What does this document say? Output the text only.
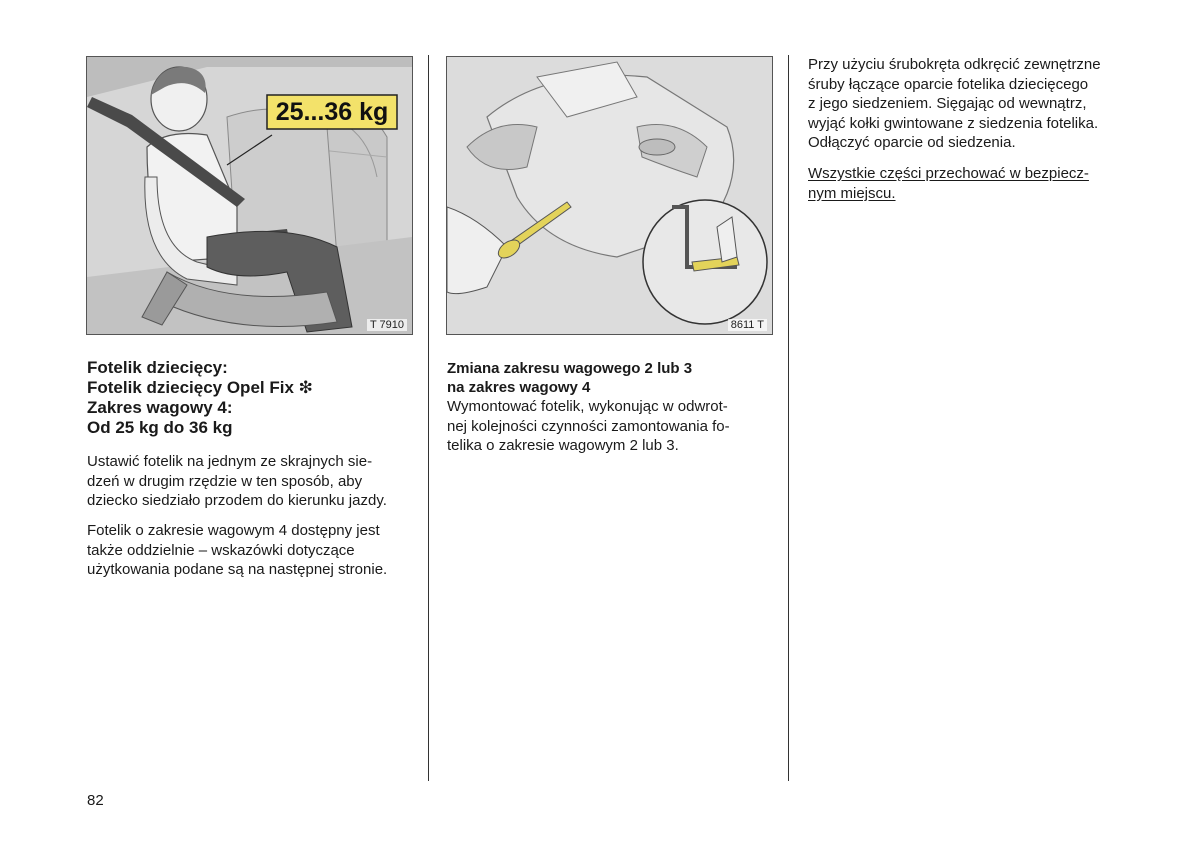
25...36 kg
T 7910	8611 T
Fotelik dziecięcy:
Fotelik dziecięcy Opel Fix ❇
Zakres wagowy 4:
Od 25 kg do 36 kg
Ustawić fotelik na jednym ze skrajnych sie-
dzeń w drugim rzędzie w ten sposób, aby
dziecko siedziało przodem do kierunku jazdy.
Fotelik o zakresie wagowym 4 dostępny jest
także oddzielnie – wskazówki dotyczące
użytkowania podane są na następnej stronie.
Zmiana zakresu wagowego 2 lub 3
na zakres wagowy 4
Wymontować fotelik, wykonując w odwrot-
nej kolejności czynności zamontowania fo-
telika o zakresie wagowym 2 lub 3.
Przy użyciu śrubokręta odkręcić zewnętrzne
śruby łączące oparcie fotelika dziecięcego
z jego siedzeniem. Sięgając od wewnątrz,
wyjąć kołki gwintowane z siedzenia fotelika.
Odłączyć oparcie od siedzenia.
Wszystkie części przechować w bezpiecz-
nym miejscu.
82
